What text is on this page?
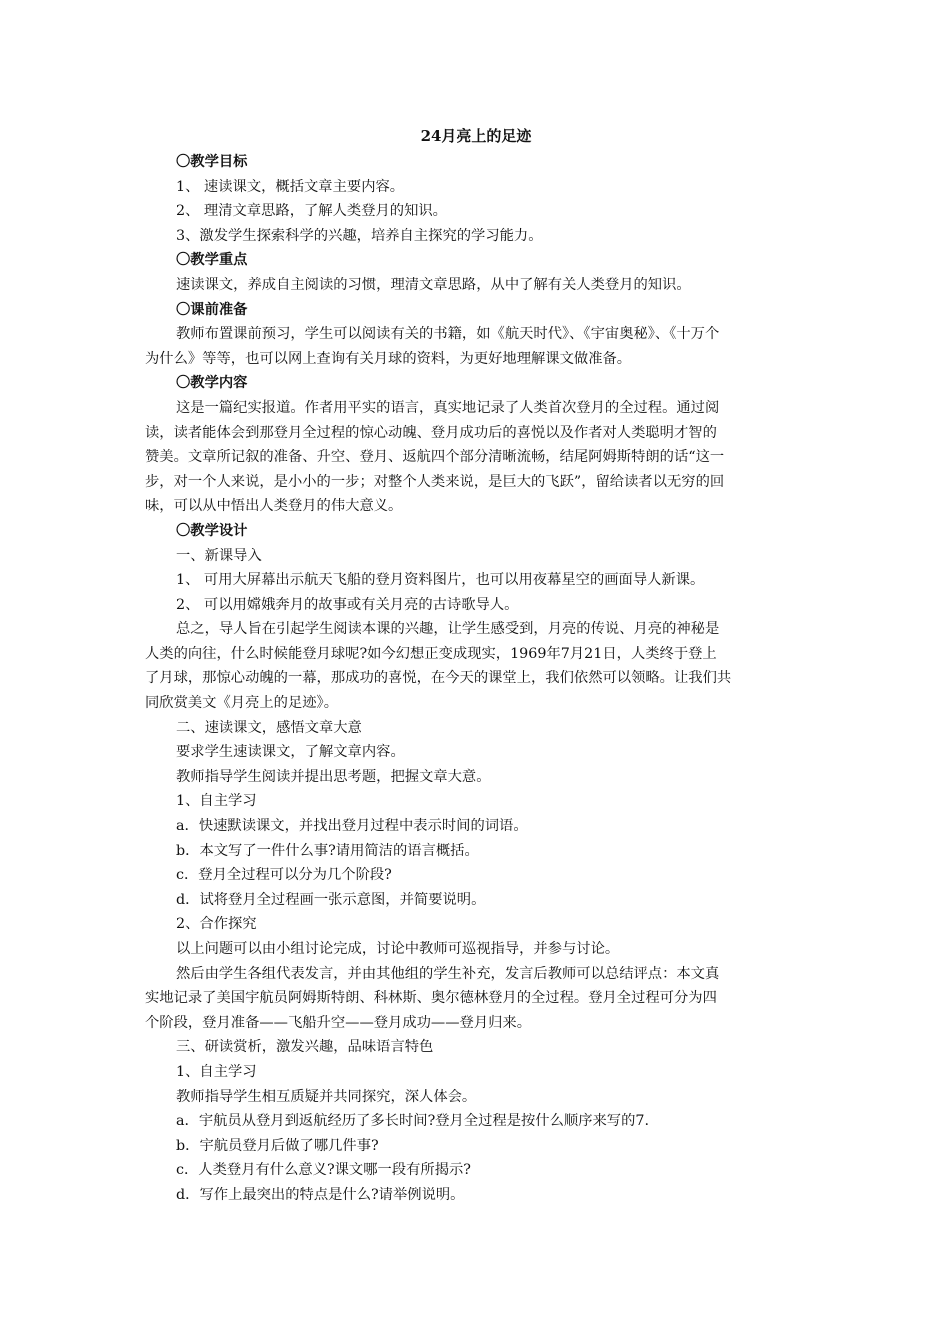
24月亮上的足迹
〇教学目标
1、 速读课文，概括文章主要内容。
2、 理清文章思路，了解人类登月的知识。
3、激发学生探索科学的兴趣，培养自主探究的学习能力。
〇教学重点
速读课文，养成自主阅读的习惯，理清文章思路，从中了解有关人类登月的知识。
〇课前准备
教师布置课前预习，学生可以阅读有关的书籍，如《航天时代》、《宇宙奥秘》、《十万个
为什么》等等，也可以网上查询有关月球的资料，为更好地理解课文做准备。
〇教学内容
这是一篇纪实报道。作者用平实的语言，真实地记录了人类首次登月的全过程。通过阅
读，读者能体会到那登月全过程的惊心动魄、登月成功后的喜悦以及作者对人类聪明才智的
赞美。文章所记叙的准备、升空、登月、返航四个部分清晰流畅，结尾阿姆斯特朗的话“这一
步，对一个人来说，是小小的一步；对整个人类来说，是巨大的飞跃”，留给读者以无穷的回
味，可以从中悟出人类登月的伟大意义。
〇教学设计
一、新课导入
1、 可用大屏幕出示航天飞船的登月资料图片，也可以用夜幕星空的画面导人新课。
2、 可以用嫦娥奔月的故事或有关月亮的古诗歌导人。
总之，导人旨在引起学生阅读本课的兴趣，让学生感受到，月亮的传说、月亮的神秘是
人类的向往，什么时候能登月球呢?如今幻想正变成现实，1969年7月21日，人类终于登上
了月球，那惊心动魄的一幕，那成功的喜悦，在今天的课堂上，我们依然可以领略。让我们共
同欣赏美文《月亮上的足迹》。
二、速读课文，感悟文章大意
要求学生速读课文，了解文章内容。
教师指导学生阅读并提出思考题，把握文章大意。
1、自主学习
a．快速默读课文，并找出登月过程中表示时间的词语。
b．本文写了一件什么事?请用简洁的语言概括。
c．登月全过程可以分为几个阶段?
d．试将登月全过程画一张示意图，并简要说明。
2、合作探究
以上问题可以由小组讨论完成，讨论中教师可巡视指导，并参与讨论。
然后由学生各组代表发言，并由其他组的学生补充，发言后教师可以总结评点：本文真
实地记录了美国宇航员阿姆斯特朗、科林斯、奥尔德林登月的全过程。登月全过程可分为四
个阶段，登月准备——飞船升空——登月成功——登月归来。
三、研读赏析，激发兴趣，品味语言特色
1、自主学习
教师指导学生相互质疑并共同探究，深人体会。
a．宇航员从登月到返航经历了多长时间?登月全过程是按什么顺序来写的7.
b．宇航员登月后做了哪几件事?
c．人类登月有什么意义?课文哪一段有所揭示?
d．写作上最突出的特点是什么?请举例说明。
